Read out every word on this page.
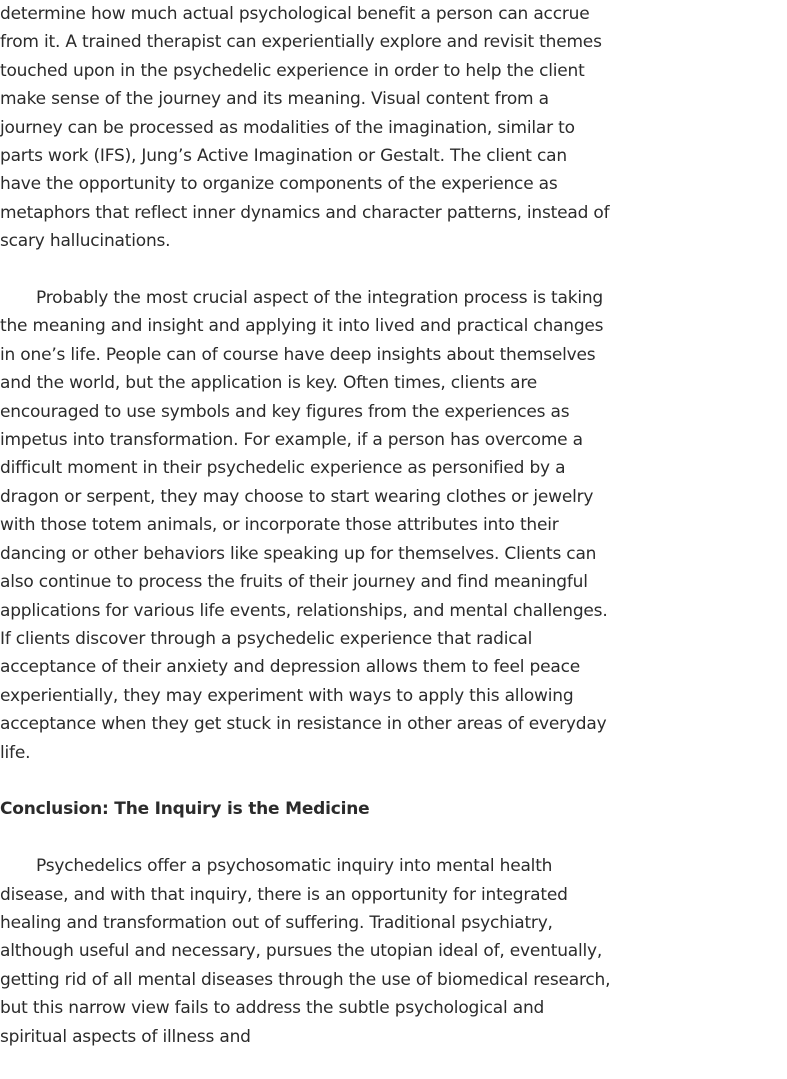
determine how much actual psychological benefit a person can accrue from it. A trained therapist can experientially explore and revisit themes touched upon in the psychedelic experience in order to help the client make sense of the journey and its meaning. Visual content from a journey can be processed as modalities of the imagination, similar to parts work (IFS), Jung’s Active Imagination or Gestalt. The client can have the opportunity to organize components of the experience as metaphors that reflect inner dynamics and character patterns, instead of scary hallucinations.

Probably the most crucial aspect of the integration process is taking the meaning and insight and applying it into lived and practical changes in one’s life. People can of course have deep insights about themselves and the world, but the application is key. Often times, clients are encouraged to use symbols and key figures from the experiences as impetus into transformation. For example, if a person has overcome a difficult moment in their psychedelic experience as personified by a dragon or serpent, they may choose to start wearing clothes or jewelry with those totem animals, or incorporate those attributes into their dancing or other behaviors like speaking up for themselves. Clients can also continue to process the fruits of their journey and find meaningful applications for various life events, relationships, and mental challenges. If clients discover through a psychedelic experience that radical acceptance of their anxiety and depression allows them to feel peace experientially, they may experiment with ways to apply this allowing acceptance when they get stuck in resistance in other areas of everyday life.

Conclusion: The Inquiry is the Medicine

Psychedelics offer a psychosomatic inquiry into mental health disease, and with that inquiry, there is an opportunity for integrated healing and transformation out of suffering. Traditional psychiatry, although useful and necessary, pursues the utopian ideal of, eventually, getting rid of all mental diseases through the use of biomedical research, but this narrow view fails to address the subtle psychological and spiritual aspects of illness and
